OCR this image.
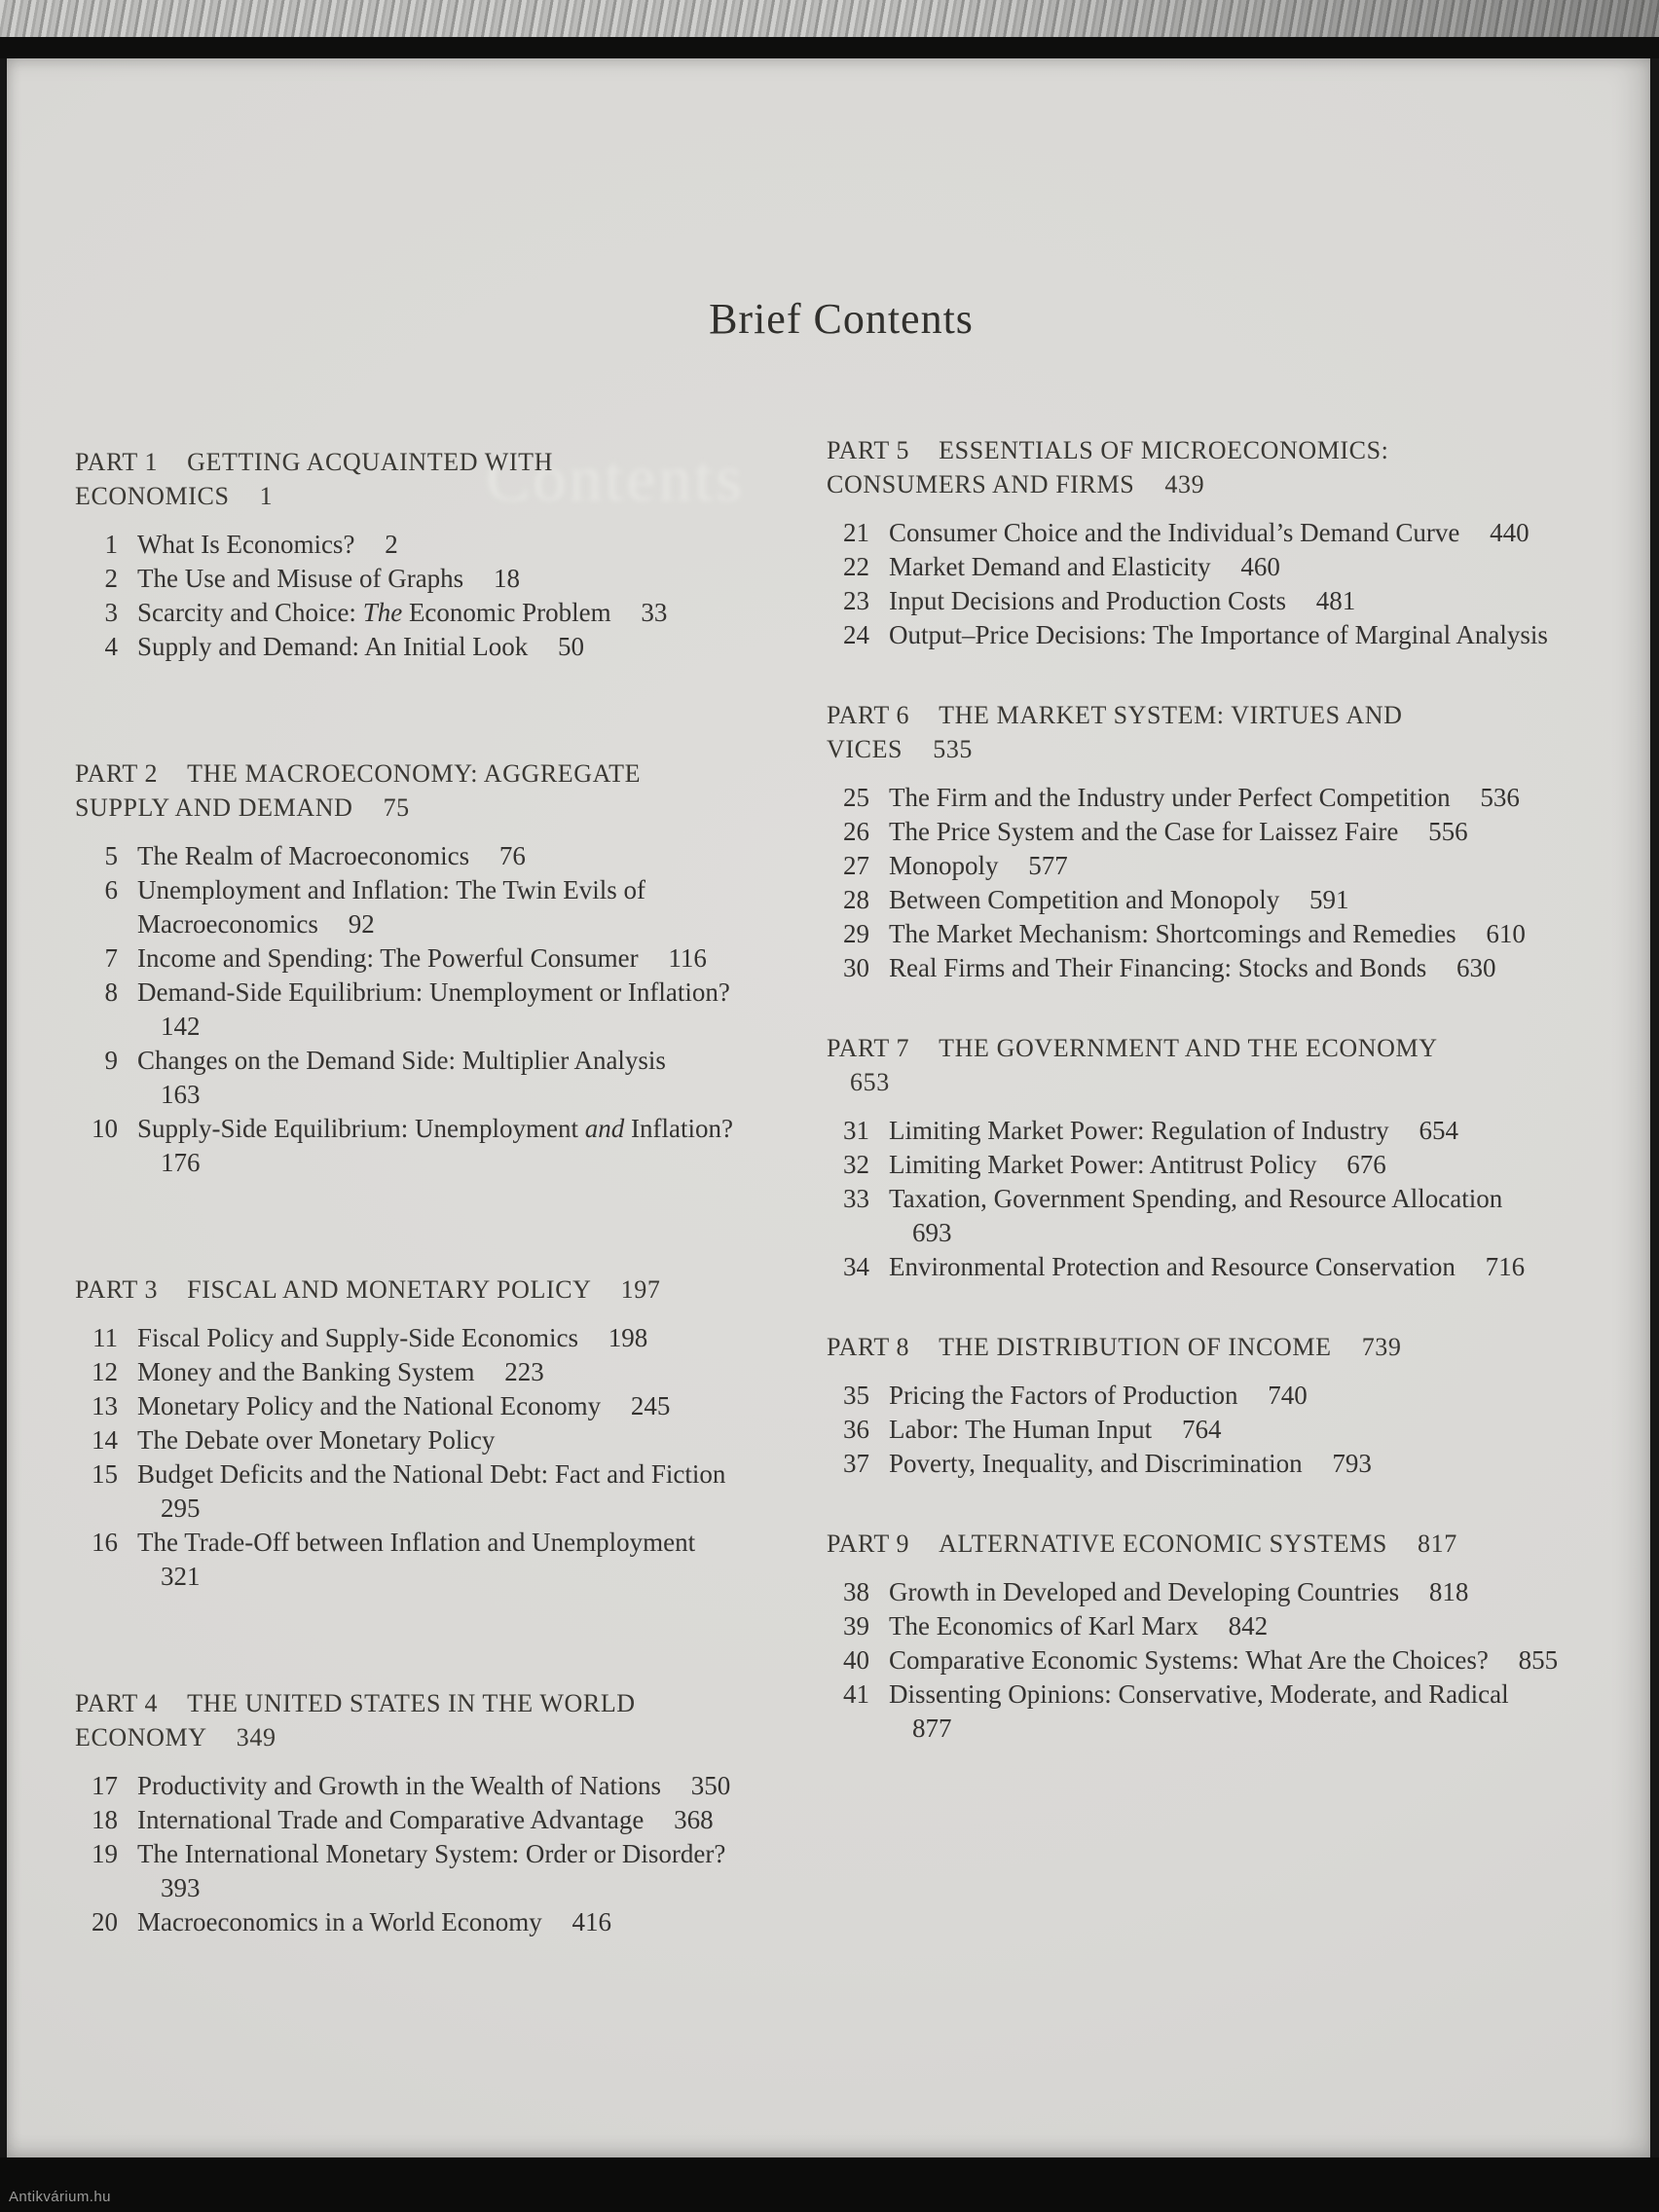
Contents
Brief Contents
PART 1 GETTING ACQUAINTED WITH ECONOMICS 1
1 What Is Economics? 2
2 The Use and Misuse of Graphs 18
3 Scarcity and Choice: The Economic Problem 33
4 Supply and Demand: An Initial Look 50
PART 2 THE MACROECONOMY: AGGREGATE SUPPLY AND DEMAND 75
5 The Realm of Macroeconomics 76
6 Unemployment and Inflation: The Twin Evils of Macroeconomics 92
7 Income and Spending: The Powerful Consumer 116
8 Demand-Side Equilibrium: Unemployment or Inflation? 142
9 Changes on the Demand Side: Multiplier Analysis 163
10 Supply-Side Equilibrium: Unemployment and Inflation? 176
PART 3 FISCAL AND MONETARY POLICY 197
11 Fiscal Policy and Supply-Side Economics 198
12 Money and the Banking System 223
13 Monetary Policy and the National Economy 245
14 The Debate over Monetary Policy
15 Budget Deficits and the National Debt: Fact and Fiction 295
16 The Trade-Off between Inflation and Unemployment 321
PART 4 THE UNITED STATES IN THE WORLD ECONOMY 349
17 Productivity and Growth in the Wealth of Nations 350
18 International Trade and Comparative Advantage 368
19 The International Monetary System: Order or Disorder? 393
20 Macroeconomics in a World Economy 416
PART 5 ESSENTIALS OF MICROECONOMICS: CONSUMERS AND FIRMS 439
21 Consumer Choice and the Individual’s Demand Curve 440
22 Market Demand and Elasticity 460
23 Input Decisions and Production Costs 481
24 Output–Price Decisions: The Importance of Marginal Analysis
PART 6 THE MARKET SYSTEM: VIRTUES AND VICES 535
25 The Firm and the Industry under Perfect Competition 536
26 The Price System and the Case for Laissez Faire 556
27 Monopoly 577
28 Between Competition and Monopoly 591
29 The Market Mechanism: Shortcomings and Remedies 610
30 Real Firms and Their Financing: Stocks and Bonds 630
PART 7 THE GOVERNMENT AND THE ECONOMY 653
31 Limiting Market Power: Regulation of Industry 654
32 Limiting Market Power: Antitrust Policy 676
33 Taxation, Government Spending, and Resource Allocation 693
34 Environmental Protection and Resource Conservation 716
PART 8 THE DISTRIBUTION OF INCOME 739
35 Pricing the Factors of Production 740
36 Labor: The Human Input 764
37 Poverty, Inequality, and Discrimination 793
PART 9 ALTERNATIVE ECONOMIC SYSTEMS 817
38 Growth in Developed and Developing Countries 818
39 The Economics of Karl Marx 842
40 Comparative Economic Systems: What Are the Choices? 855
41 Dissenting Opinions: Conservative, Moderate, and Radical 877
Antikvárium.hu
